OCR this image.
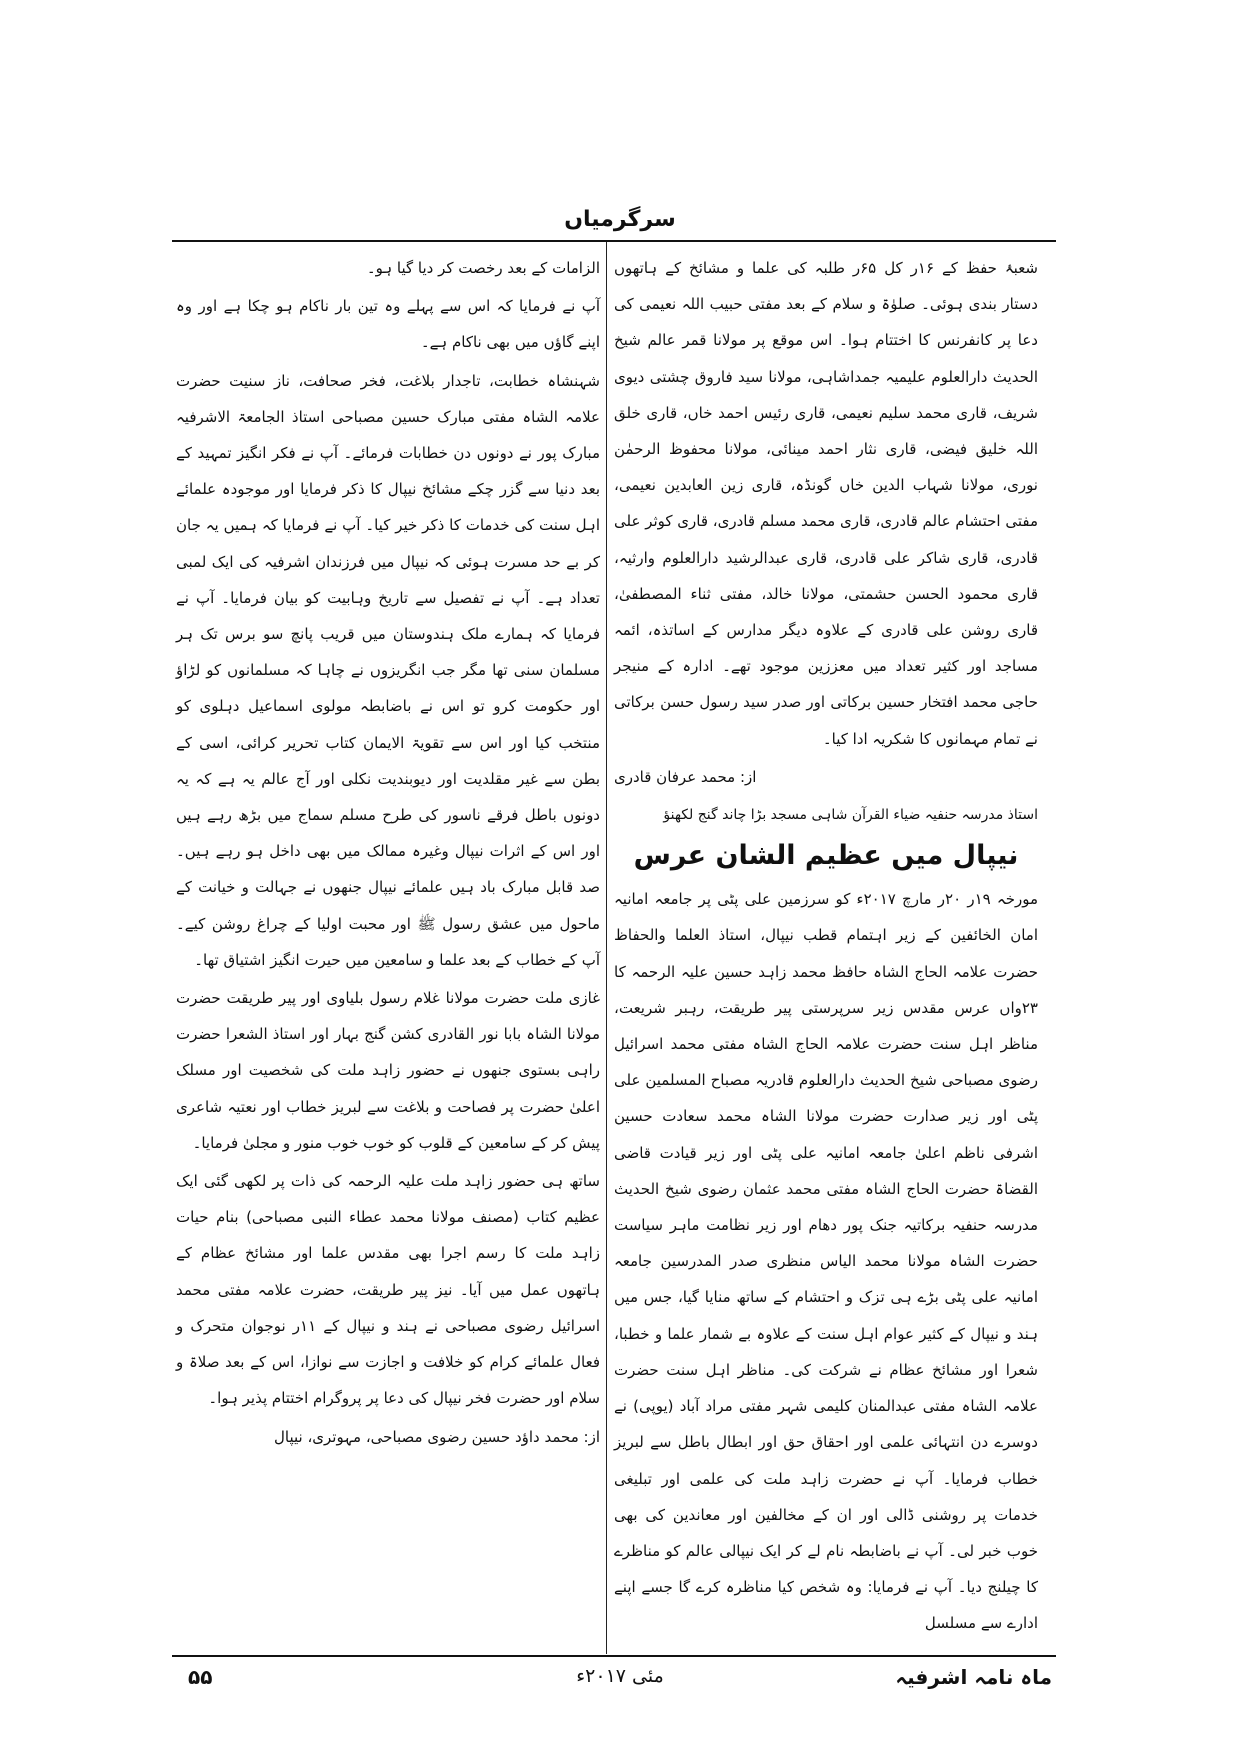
سرگرمیاں

شعبۂ حفظ کے ۱۶ر کل ۶۵ر طلبہ کی علما و مشائخ کے ہاتھوں دستار بندی ہوئی۔ صلوٰۃ و سلام کے بعد مفتی حبیب اللہ نعیمی کی دعا پر کانفرنس کا اختتام ہوا۔ اس موقع پر مولانا قمر عالم شیخ الحدیث دارالعلوم علیمیہ جمداشاہی، مولانا سید فاروق چشتی دیوی شریف، قاری محمد سلیم نعیمی، قاری رئیس احمد خاں، قاری خلق اللہ خلیق فیضی، قاری نثار احمد مینائی، مولانا محفوظ الرحمٰن نوری، مولانا شہاب الدین خاں گونڈہ، قاری زین العابدین نعیمی، مفتی احتشام عالم قادری، قاری محمد مسلم قادری، قاری کوثر علی قادری، قاری شاکر علی قادری، قاری عبدالرشید دارالعلوم وارثیہ، قاری محمود الحسن حشمتی، مولانا خالد، مفتی ثناء المصطفیٰ، قاری روشن علی قادری کے علاوہ دیگر مدارس کے اساتذہ، ائمہ مساجد اور کثیر تعداد میں معززین موجود تھے۔ ادارہ کے منیجر حاجی محمد افتخار حسین برکاتی اور صدر سید رسول حسن برکاتی نے تمام مہمانوں کا شکریہ ادا کیا۔

از: محمد عرفان قادری

استاذ مدرسہ حنفیہ ضیاء القرآن شاہی مسجد بڑا چاند گنج لکھنؤ

نیپال میں عظیم الشان عرس

مورخہ ۱۹ر ۲۰ر مارچ ۲۰۱۷ء کو سرزمین علی پٹی پر جامعہ امانیہ امان الخائفین کے زیر اہتمام قطب نیپال، استاذ العلما والحفاظ حضرت علامہ الحاج الشاہ حافظ محمد زاہد حسین علیہ الرحمہ کا ۲۳واں عرس مقدس زیر سرپرستی پیر طریقت، رہبر شریعت، مناظر اہل سنت حضرت علامہ الحاج الشاہ مفتی محمد اسرائیل رضوی مصباحی شیخ الحدیث دارالعلوم قادریہ مصباح المسلمین علی پٹی اور زیر صدارت حضرت مولانا الشاہ محمد سعادت حسین اشرفی ناظم اعلیٰ جامعہ امانیہ علی پٹی اور زیر قیادت قاضی القضاۃ حضرت الحاج الشاہ مفتی محمد عثمان رضوی شیخ الحدیث مدرسہ حنفیہ برکاتیہ جنک پور دھام اور زیر نظامت ماہر سیاست حضرت الشاہ مولانا محمد الیاس منظری صدر المدرسین جامعہ امانیہ علی پٹی بڑے ہی تزک و احتشام کے ساتھ منایا گیا، جس میں ہند و نیپال کے کثیر عوام اہل سنت کے علاوہ بے شمار علما و خطبا، شعرا اور مشائخ عظام نے شرکت کی۔ مناظر اہل سنت حضرت علامہ الشاہ مفتی عبدالمنان کلیمی شہر مفتی مراد آباد (یوپی) نے دوسرے دن انتہائی علمی اور احقاق حق اور ابطال باطل سے لبریز خطاب فرمایا۔ آپ نے حضرت زاہد ملت کی علمی اور تبلیغی خدمات پر روشنی ڈالی اور ان کے مخالفین اور معاندین کی بھی خوب خبر لی۔ آپ نے باضابطہ نام لے کر ایک نیپالی عالم کو مناظرے کا چیلنج دیا۔ آپ نے فرمایا: وہ شخص کیا مناظرہ کرے گا جسے اپنے ادارے سے مسلسل

الزامات کے بعد رخصت کر دیا گیا ہو۔

آپ نے فرمایا کہ اس سے پہلے وہ تین بار ناکام ہو چکا ہے اور وہ اپنے گاؤں میں بھی ناکام ہے۔

شہنشاہ خطابت، تاجدار بلاغت، فخر صحافت، ناز سنیت حضرت علامہ الشاہ مفتی مبارک حسین مصباحی استاذ الجامعۃ الاشرفیہ مبارک پور نے دونوں دن خطابات فرمائے۔ آپ نے فکر انگیز تمہید کے بعد دنیا سے گزر چکے مشائخ نیپال کا ذکر فرمایا اور موجودہ علمائے اہل سنت کی خدمات کا ذکر خیر کیا۔ آپ نے فرمایا کہ ہمیں یہ جان کر بے حد مسرت ہوئی کہ نیپال میں فرزندان اشرفیہ کی ایک لمبی تعداد ہے۔ آپ نے تفصیل سے تاریخ وہابیت کو بیان فرمایا۔ آپ نے فرمایا کہ ہمارے ملک ہندوستان میں قریب پانچ سو برس تک ہر مسلمان سنی تھا مگر جب انگریزوں نے چاہا کہ مسلمانوں کو لڑاؤ اور حکومت کرو تو اس نے باضابطہ مولوی اسماعیل دہلوی کو منتخب کیا اور اس سے تقویۃ الایمان کتاب تحریر کرائی، اسی کے بطن سے غیر مقلدیت اور دیوبندیت نکلی اور آج عالم یہ ہے کہ یہ دونوں باطل فرقے ناسور کی طرح مسلم سماج میں بڑھ رہے ہیں اور اس کے اثرات نیپال وغیرہ ممالک میں بھی داخل ہو رہے ہیں۔ صد قابل مبارک باد ہیں علمائے نیپال جنھوں نے جہالت و خیانت کے ماحول میں عشق رسول ﷺ اور محبت اولیا کے چراغ روشن کیے۔ آپ کے خطاب کے بعد علما و سامعین میں حیرت انگیز اشتیاق تھا۔

غازی ملت حضرت مولانا غلام رسول بلیاوی اور پیر طریقت حضرت مولانا الشاہ بابا نور القادری کشن گنج بہار اور استاذ الشعرا حضرت راہی بستوی جنھوں نے حضور زاہد ملت کی شخصیت اور مسلک اعلیٰ حضرت پر فصاحت و بلاغت سے لبریز خطاب اور نعتیہ شاعری پیش کر کے سامعین کے قلوب کو خوب خوب منور و مجلیٰ فرمایا۔

ساتھ ہی حضور زاہد ملت علیہ الرحمہ کی ذات پر لکھی گئی ایک عظیم کتاب (مصنف مولانا محمد عطاء النبی مصباحی) بنام حیات زاہد ملت کا رسم اجرا بھی مقدس علما اور مشائخ عظام کے ہاتھوں عمل میں آیا۔ نیز پیر طریقت، حضرت علامہ مفتی محمد اسرائیل رضوی مصباحی نے ہند و نیپال کے ۱۱ر نوجوان متحرک و فعال علمائے کرام کو خلافت و اجازت سے نوازا، اس کے بعد صلاۃ و سلام اور حضرت فخر نیپال کی دعا پر پروگرام اختتام پذیر ہوا۔

از: محمد داؤد حسین رضوی مصباحی، مہوتری، نیپال

۵۵	مئی ۲۰۱۷ء	ماہ نامہ اشرفیہ
